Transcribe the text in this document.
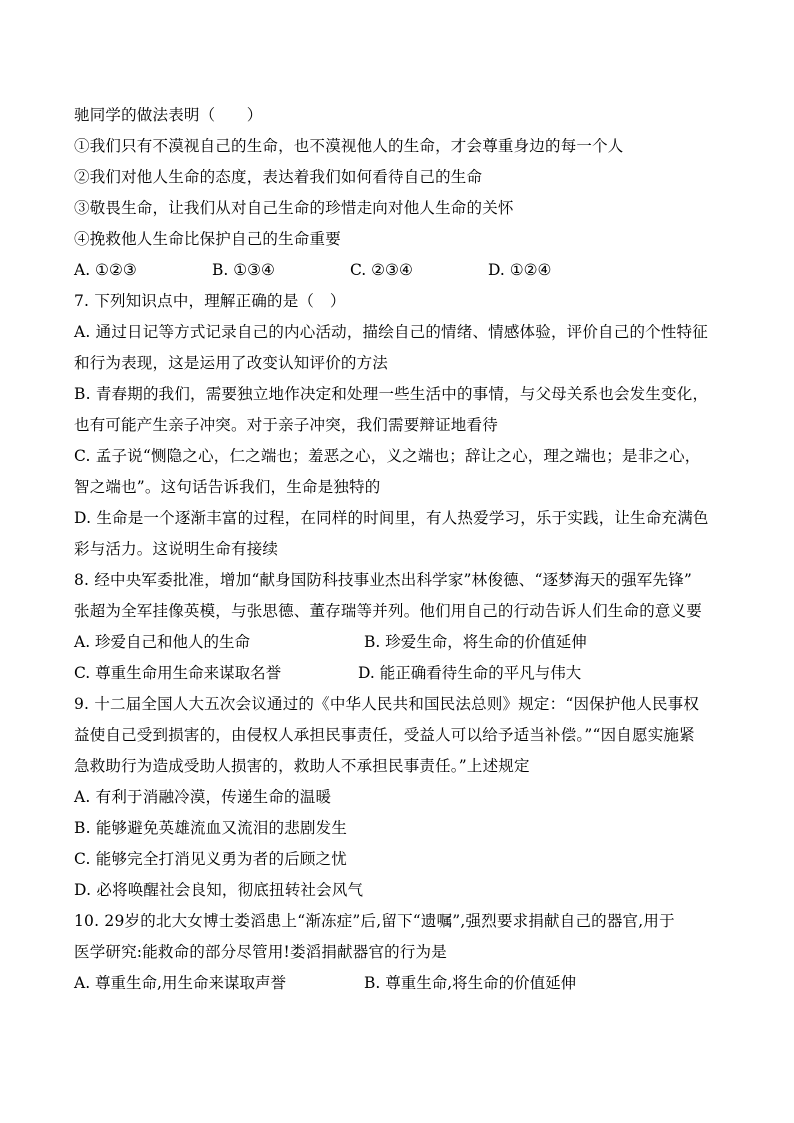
驰同学的做法表明（　　）
①我们只有不漠视自己的生命，也不漠视他人的生命，才会尊重身边的每一个人
②我们对他人生命的态度，表达着我们如何看待自己的生命
③敬畏生命，让我们从对自己生命的珍惜走向对他人生命的关怀
④挽救他人生命比保护自己的生命重要
A. ①②③	B. ①③④	C. ②③④	D. ①②④
7. 下列知识点中，理解正确的是（　）
A. 通过日记等方式记录自己的内心活动，描绘自己的情绪、情感体验，评价自己的个性特征
和行为表现，这是运用了改变认知评价的方法
B. 青春期的我们，需要独立地作决定和处理一些生活中的事情，与父母关系也会发生变化，
也有可能产生亲子冲突。对于亲子冲突，我们需要辩证地看待
C. 孟子说“恻隐之心，仁之端也；羞恶之心，义之端也；辞让之心，理之端也；是非之心，
智之端也”。这句话告诉我们，生命是独特的
D. 生命是一个逐渐丰富的过程，在同样的时间里，有人热爱学习，乐于实践，让生命充满色
彩与活力。这说明生命有接续
8. 经中央军委批准，增加“献身国防科技事业杰出科学家”林俊德、“逐梦海天的强军先锋”
张超为全军挂像英模，与张思德、董存瑞等并列。他们用自己的行动告诉人们生命的意义要
A. 珍爱自己和他人的生命	B. 珍爱生命，将生命的价值延伸
C. 尊重生命用生命来谋取名誉	D. 能正确看待生命的平凡与伟大
9. 十二届全国人大五次会议通过的《中华人民共和国民法总则》规定：“因保护他人民事权
益使自己受到损害的，由侵权人承担民事责任，受益人可以给予适当补偿。”“因自愿实施紧
急救助行为造成受助人损害的，救助人不承担民事责任。”上述规定
A. 有利于消融冷漠，传递生命的温暖
B. 能够避免英雄流血又流泪的悲剧发生
C. 能够完全打消见义勇为者的后顾之忧
D. 必将唤醒社会良知，彻底扭转社会风气
10. 29岁的北大女博士娄滔患上“渐冻症”后,留下“遗嘱”,强烈要求捐献自己的器官,用于
医学研究:能救命的部分尽管用!娄滔捐献器官的行为是
A. 尊重生命,用生命来谋取声誉	B. 尊重生命,将生命的价值延伸
